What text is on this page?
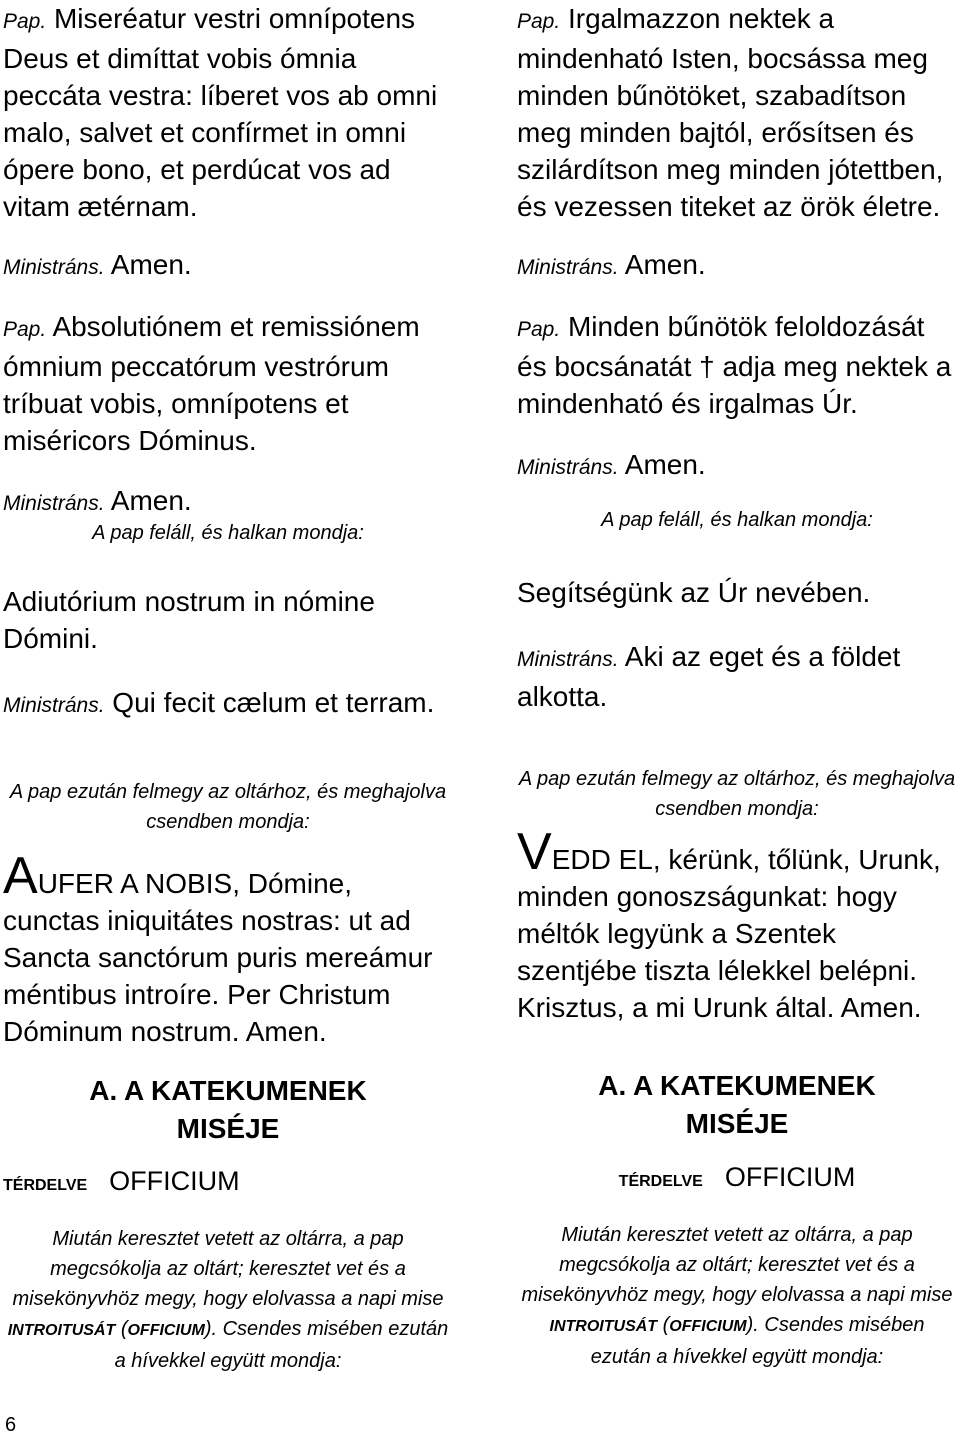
Pap. Miseréatur vestri omnípotens Deus et dimíttat vobis ómnia peccáta vestra: líberet vos ab omni malo, salvet et confírmet in omni ópere bono, et perdúcat vos ad vitam ætérnam.

Ministráns. Amen.

Pap. Absolutiónem et remissiónem ómnium peccatórum vestrórum tríbuat vobis, omnípotens et miséricors Dóminus.

Ministráns. Amen.

A pap feláll, és halkan mondja:

Adiutórium nostrum in nómine Dómini.

Ministráns. Qui fecit cælum et terram.

A pap ezután felmegy az oltárhoz, és meghajolva csendben mondja:

AUFER A NOBIS, Dómine, cunctas iniquitátes nostras: ut ad Sancta sanctórum puris mereámur méntibus introíre. Per Christum Dóminum nostrum. Amen.

A. A KATEKUMENEK MISÉJE

TÉRDELVE OFFICIUM

Miután keresztet vetett az oltárra, a pap megcsókolja az oltárt; keresztet vet és a misekönyvhöz megy, hogy elolvassa a napi mise INTROITUSÁT (OFFICIUM). Csendes misében ezután a hívekkel együtt mondja:

Pap. Irgalmazzon nektek a mindenható Isten, bocsássa meg minden bűnötöket, szabadítson meg minden bajtól, erősítsen és szilárdítson meg minden jótettben, és vezessen titeket az örök életre.

Ministráns. Amen.

Pap. Minden bűnötök feloldozását és bocsánatát † adja meg nektek a mindenható és irgalmas Úr.

Ministráns. Amen.

A pap feláll, és halkan mondja:

Segítségünk az Úr nevében.

Ministráns. Aki az eget és a földet alkotta.

A pap ezután felmegy az oltárhoz, és meghajolva csendben mondja:

VEDD EL, kérünk, tőlünk, Urunk, minden gonoszságunkat: hogy méltók legyünk a Szentek szentjébe tiszta lélekkel belépni. Krisztus, a mi Urunk által. Amen.

A. A KATEKUMENEK MISÉJE

TÉRDELVE OFFICIUM

Miután keresztet vetett az oltárra, a pap megcsókolja az oltárt; keresztet vet és a misekönyvhöz megy, hogy elolvassa a napi mise INTROITUSÁT (OFFICIUM). Csendes misében ezután a hívekkel együtt mondja:

6
